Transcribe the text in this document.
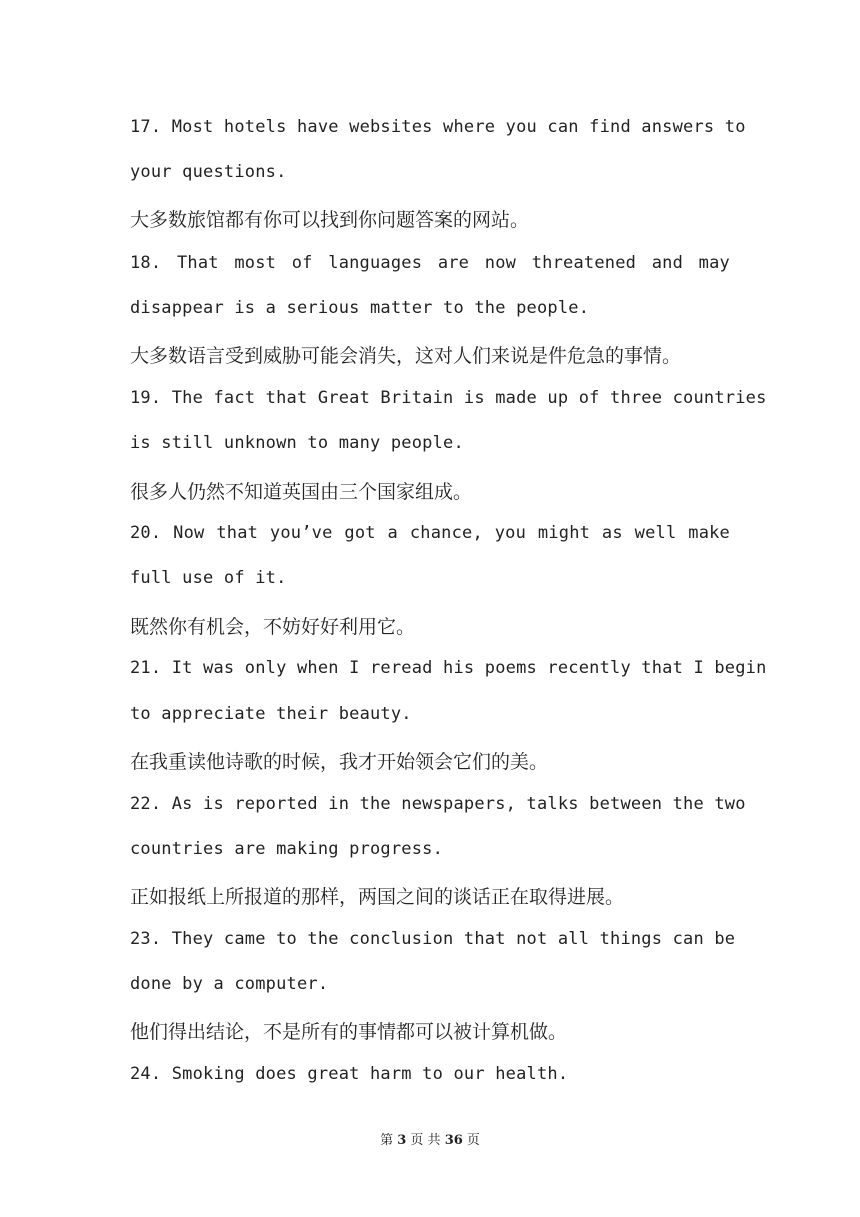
17. Most hotels have websites where you can find answers to
your questions.
大多数旅馆都有你可以找到你问题答案的网站。
18. That most of languages are now threatened and may
disappear is a serious matter to the people.
大多数语言受到威胁可能会消失，这对人们来说是件危急的事情。
19. The fact that Great Britain is made up of three countries
is still unknown to many people.
很多人仍然不知道英国由三个国家组成。
20. Now that you’ve got a chance, you might as well make
full use of it.
既然你有机会，不妨好好利用它。
21. It was only when I reread his poems recently that I begin
to appreciate their beauty.
在我重读他诗歌的时候，我才开始领会它们的美。
22. As is reported in the newspapers, talks between the two
countries are making progress.
正如报纸上所报道的那样，两国之间的谈话正在取得进展。
23. They came to the conclusion that not all things can be
done by a computer.
他们得出结论，不是所有的事情都可以被计算机做。
24. Smoking does great harm to our health.
第 3 页 共 36 页
